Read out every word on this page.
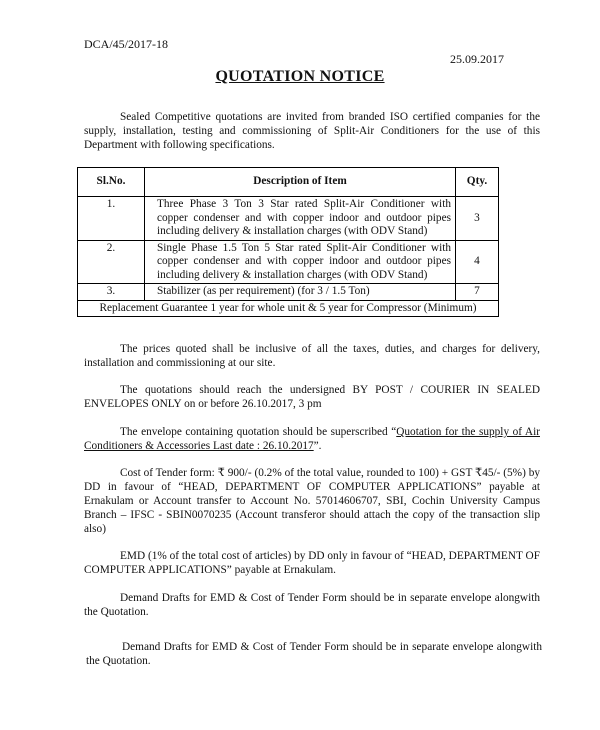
DCA/45/2017-18
25.09.2017
QUOTATION NOTICE

Sealed Competitive quotations are invited from branded ISO certified companies for the supply, installation, testing and commissioning of Split-Air Conditioners for the use of this Department with following specifications.

Sl.No.	Description of Item	Qty.
1.	Three Phase 3 Ton 3 Star rated Split-Air Conditioner with copper condenser and with copper indoor and outdoor pipes including delivery & installation charges (with ODV Stand)	3
2.	Single Phase 1.5 Ton 5 Star rated Split-Air Conditioner with copper condenser and with copper indoor and outdoor pipes including delivery & installation charges (with ODV Stand)	4
3.	Stabilizer (as per requirement) (for 3 / 1.5 Ton)	7
Replacement Guarantee 1 year for whole unit & 5 year for Compressor (Minimum)		

The prices quoted shall be inclusive of all the taxes, duties, and charges for delivery, installation and commissioning at our site.

The quotations should reach the undersigned BY POST / COURIER IN SEALED ENVELOPES ONLY on or before 26.10.2017, 3 pm

The envelope containing quotation should be superscribed “Quotation for the supply of Air Conditioners & Accessories Last date : 26.10.2017”.

Cost of Tender form: ₹ 900/- (0.2% of the total value, rounded to 100) + GST ₹45/- (5%) by DD in favour of “HEAD, DEPARTMENT OF COMPUTER APPLICATIONS” payable at Ernakulam or Account transfer to Account No. 57014606707, SBI, Cochin University Campus Branch – IFSC - SBIN0070235 (Account transferor should attach the copy of the transaction slip also)

EMD (1% of the total cost of articles) by DD only in favour of “HEAD, DEPARTMENT OF COMPUTER APPLICATIONS” payable at Ernakulam.

Demand Drafts for EMD & Cost of Tender Form should be in separate envelope alongwith the Quotation.

Demand Drafts for EMD & Cost of Tender Form should be in separate envelope alongwith the Quotation.
